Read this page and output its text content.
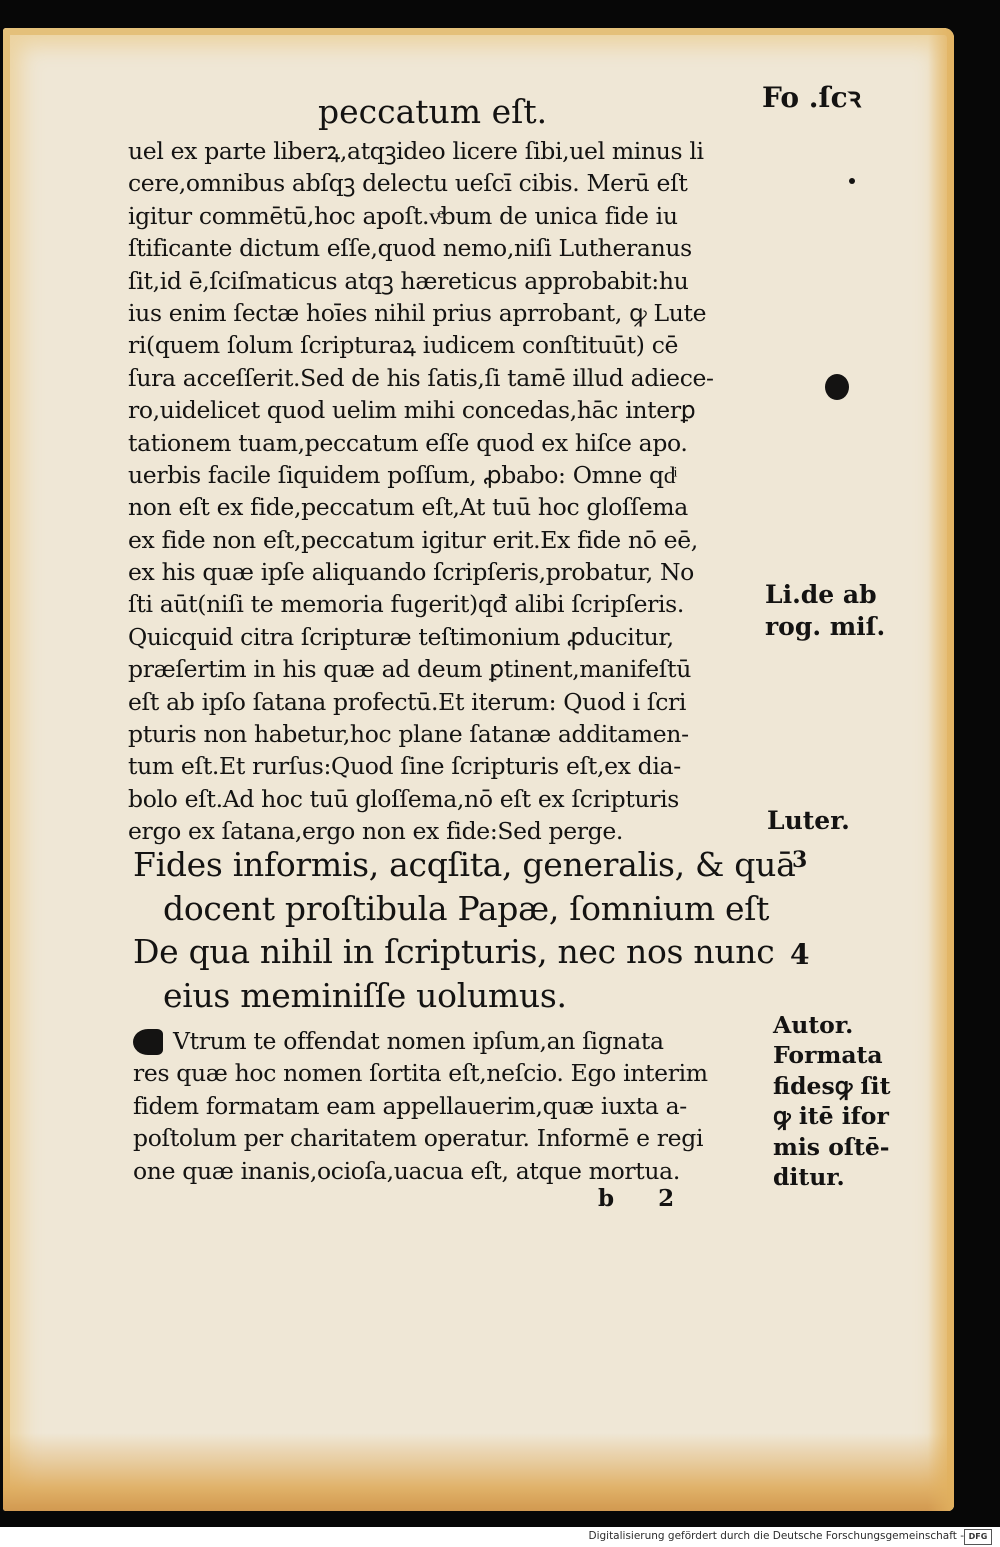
peccatum eſt.	Fo .ſcꝛ
uel ex parte liberꝝ,atqꝫideo licere ſibi,uel minus li
cere,omnibus abſqꝫ delectu ueſcī cibis. Merū eſt
igitur commētū,hoc apoſt.vͤbum de unica fide iu
ſtificante dictum eſſe,quod nemo,niſi Lutheranus
ſit,id ē,ſciſmaticus atqꝫ hæreticus approbabit:hu
ius enim ſectæ hoīes nihil prius aprrobant, ꝙ Lute
ri(quem ſolum ſcripturaꝝ iudicem conſtituūt) cē
ſura acceſſerit.Sed de his ſatis,ſi tamē illud adiece-
ro,uidelicet quod uelim mihi concedas,hāc interꝑ
tationem tuam,peccatum eſſe quod ex hiſce apo.
uerbis facile ſiquidem poſſum, ꝓbabo: Omne qdͥ
non eſt ex fide,peccatum eſt,At tuū hoc gloſſema
ex fide non eſt,peccatum igitur erit.Ex fide nō eē,
ex his quæ ipſe aliquando ſcripſeris,probatur, No
ſti aūt(niſi te memoria fugerit)qđ alibi ſcripſeris.
Quicquid citra ſcripturæ teſtimonium ꝓducitur,
præſertim in his quæ ad deum ꝑtinent,manifeſtū
eſt ab ipſo ſatana profectū.Et iterum: Quod i ſcri
pturis non habetur,hoc plane ſatanæ additamen-
tum eſt.Et rurſus:Quod ſine ſcripturis eſt,ex dia-
bolo eſt.Ad hoc tuū gloſſema,nō eſt ex ſcripturis
ergo ex ſatana,ergo non ex fide:Sed perge.
Fides informis, acqſita, generalis, & quā
docent proſtibula Papæ, ſomnium eſt
De qua nihil in ſcripturis, nec nos nunc
eius meminiſſe uolumus.
Vtrum te offendat nomen ipſum,an ſignata
res quæ hoc nomen ſortita eſt,neſcio. Ego interim
fidem formatam eam appellauerim,quæ iuxta a-
poſtolum per charitatem operatur. Informē e regi
one quæ inanis,ocioſa,uacua eſt, atque mortua.
b 2
Li.de ab
rog. miſ.
Luter.
3
4
Autor.
Formata
fidesꝙ ſit
ꝙ itē ifor
mis oſtē-
ditur.
Digitalisierung gefördert durch die Deutsche Forschungsgemeinschaft - DFG
